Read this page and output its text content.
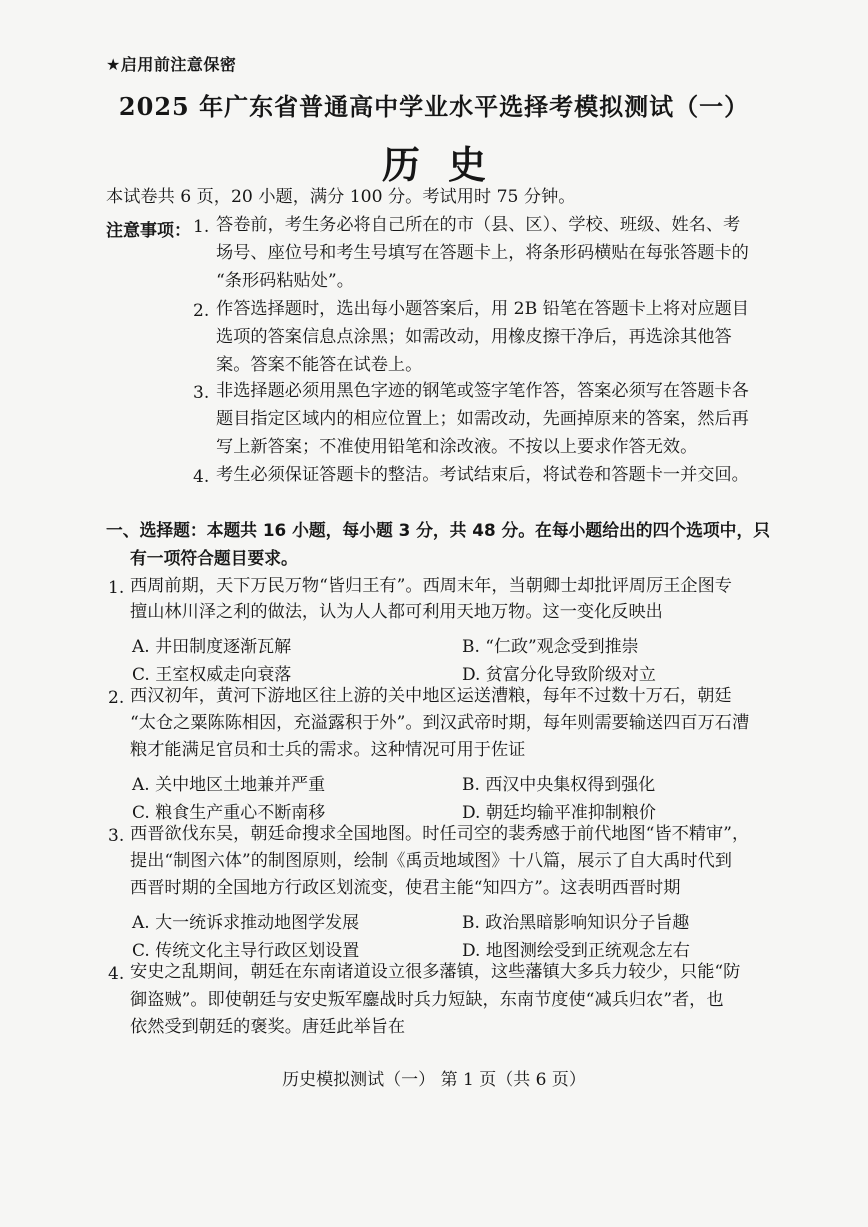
★启用前注意保密
2025 年广东省普通高中学业水平选择考模拟测试（一）
历史
本试卷共 6 页，20 小题，满分 100 分。考试用时 75 分钟。
注意事项： 1. 答卷前，考生务必将自己所在的市（县、区）、学校、班级、姓名、考
场号、座位号和考生号填写在答题卡上，将条形码横贴在每张答题卡的
“条形码粘贴处”。
2. 作答选择题时，选出每小题答案后，用 2B 铅笔在答题卡上将对应题目
选项的答案信息点涂黑；如需改动，用橡皮擦干净后，再选涂其他答
案。答案不能答在试卷上。
3. 非选择题必须用黑色字迹的钢笔或签字笔作答，答案必须写在答题卡各
题目指定区域内的相应位置上；如需改动，先画掉原来的答案，然后再
写上新答案；不准使用铅笔和涂改液。不按以上要求作答无效。
4. 考生必须保证答题卡的整洁。考试结束后，将试卷和答题卡一并交回。
一、选择题：本题共 16 小题，每小题 3 分，共 48 分。在每小题给出的四个选项中，只
有一项符合题目要求。
1. 西周前期，天下万民万物“皆归王有”。西周末年，当朝卿士却批评周厉王企图专
擅山林川泽之利的做法，认为人人都可利用天地万物。这一变化反映出
A. 井田制度逐渐瓦解	B. “仁政”观念受到推崇
C. 王室权威走向衰落	D. 贫富分化导致阶级对立
2. 西汉初年，黄河下游地区往上游的关中地区运送漕粮，每年不过数十万石，朝廷
“太仓之粟陈陈相因，充溢露积于外”。到汉武帝时期，每年则需要输送四百万石漕
粮才能满足官员和士兵的需求。这种情况可用于佐证
A. 关中地区土地兼并严重	B. 西汉中央集权得到强化
C. 粮食生产重心不断南移	D. 朝廷均输平准抑制粮价
3. 西晋欲伐东吴，朝廷命搜求全国地图。时任司空的裴秀感于前代地图“皆不精审”，
提出“制图六体”的制图原则，绘制《禹贡地域图》十八篇，展示了自大禹时代到
西晋时期的全国地方行政区划流变，使君主能“知四方”。这表明西晋时期
A. 大一统诉求推动地图学发展	B. 政治黑暗影响知识分子旨趣
C. 传统文化主导行政区划设置	D. 地图测绘受到正统观念左右
4. 安史之乱期间，朝廷在东南诸道设立很多藩镇，这些藩镇大多兵力较少，只能“防
御盗贼”。即使朝廷与安史叛军鏖战时兵力短缺，东南节度使“减兵归农”者，也
依然受到朝廷的褒奖。唐廷此举旨在
历史模拟测试（一） 第 1 页（共 6 页）
